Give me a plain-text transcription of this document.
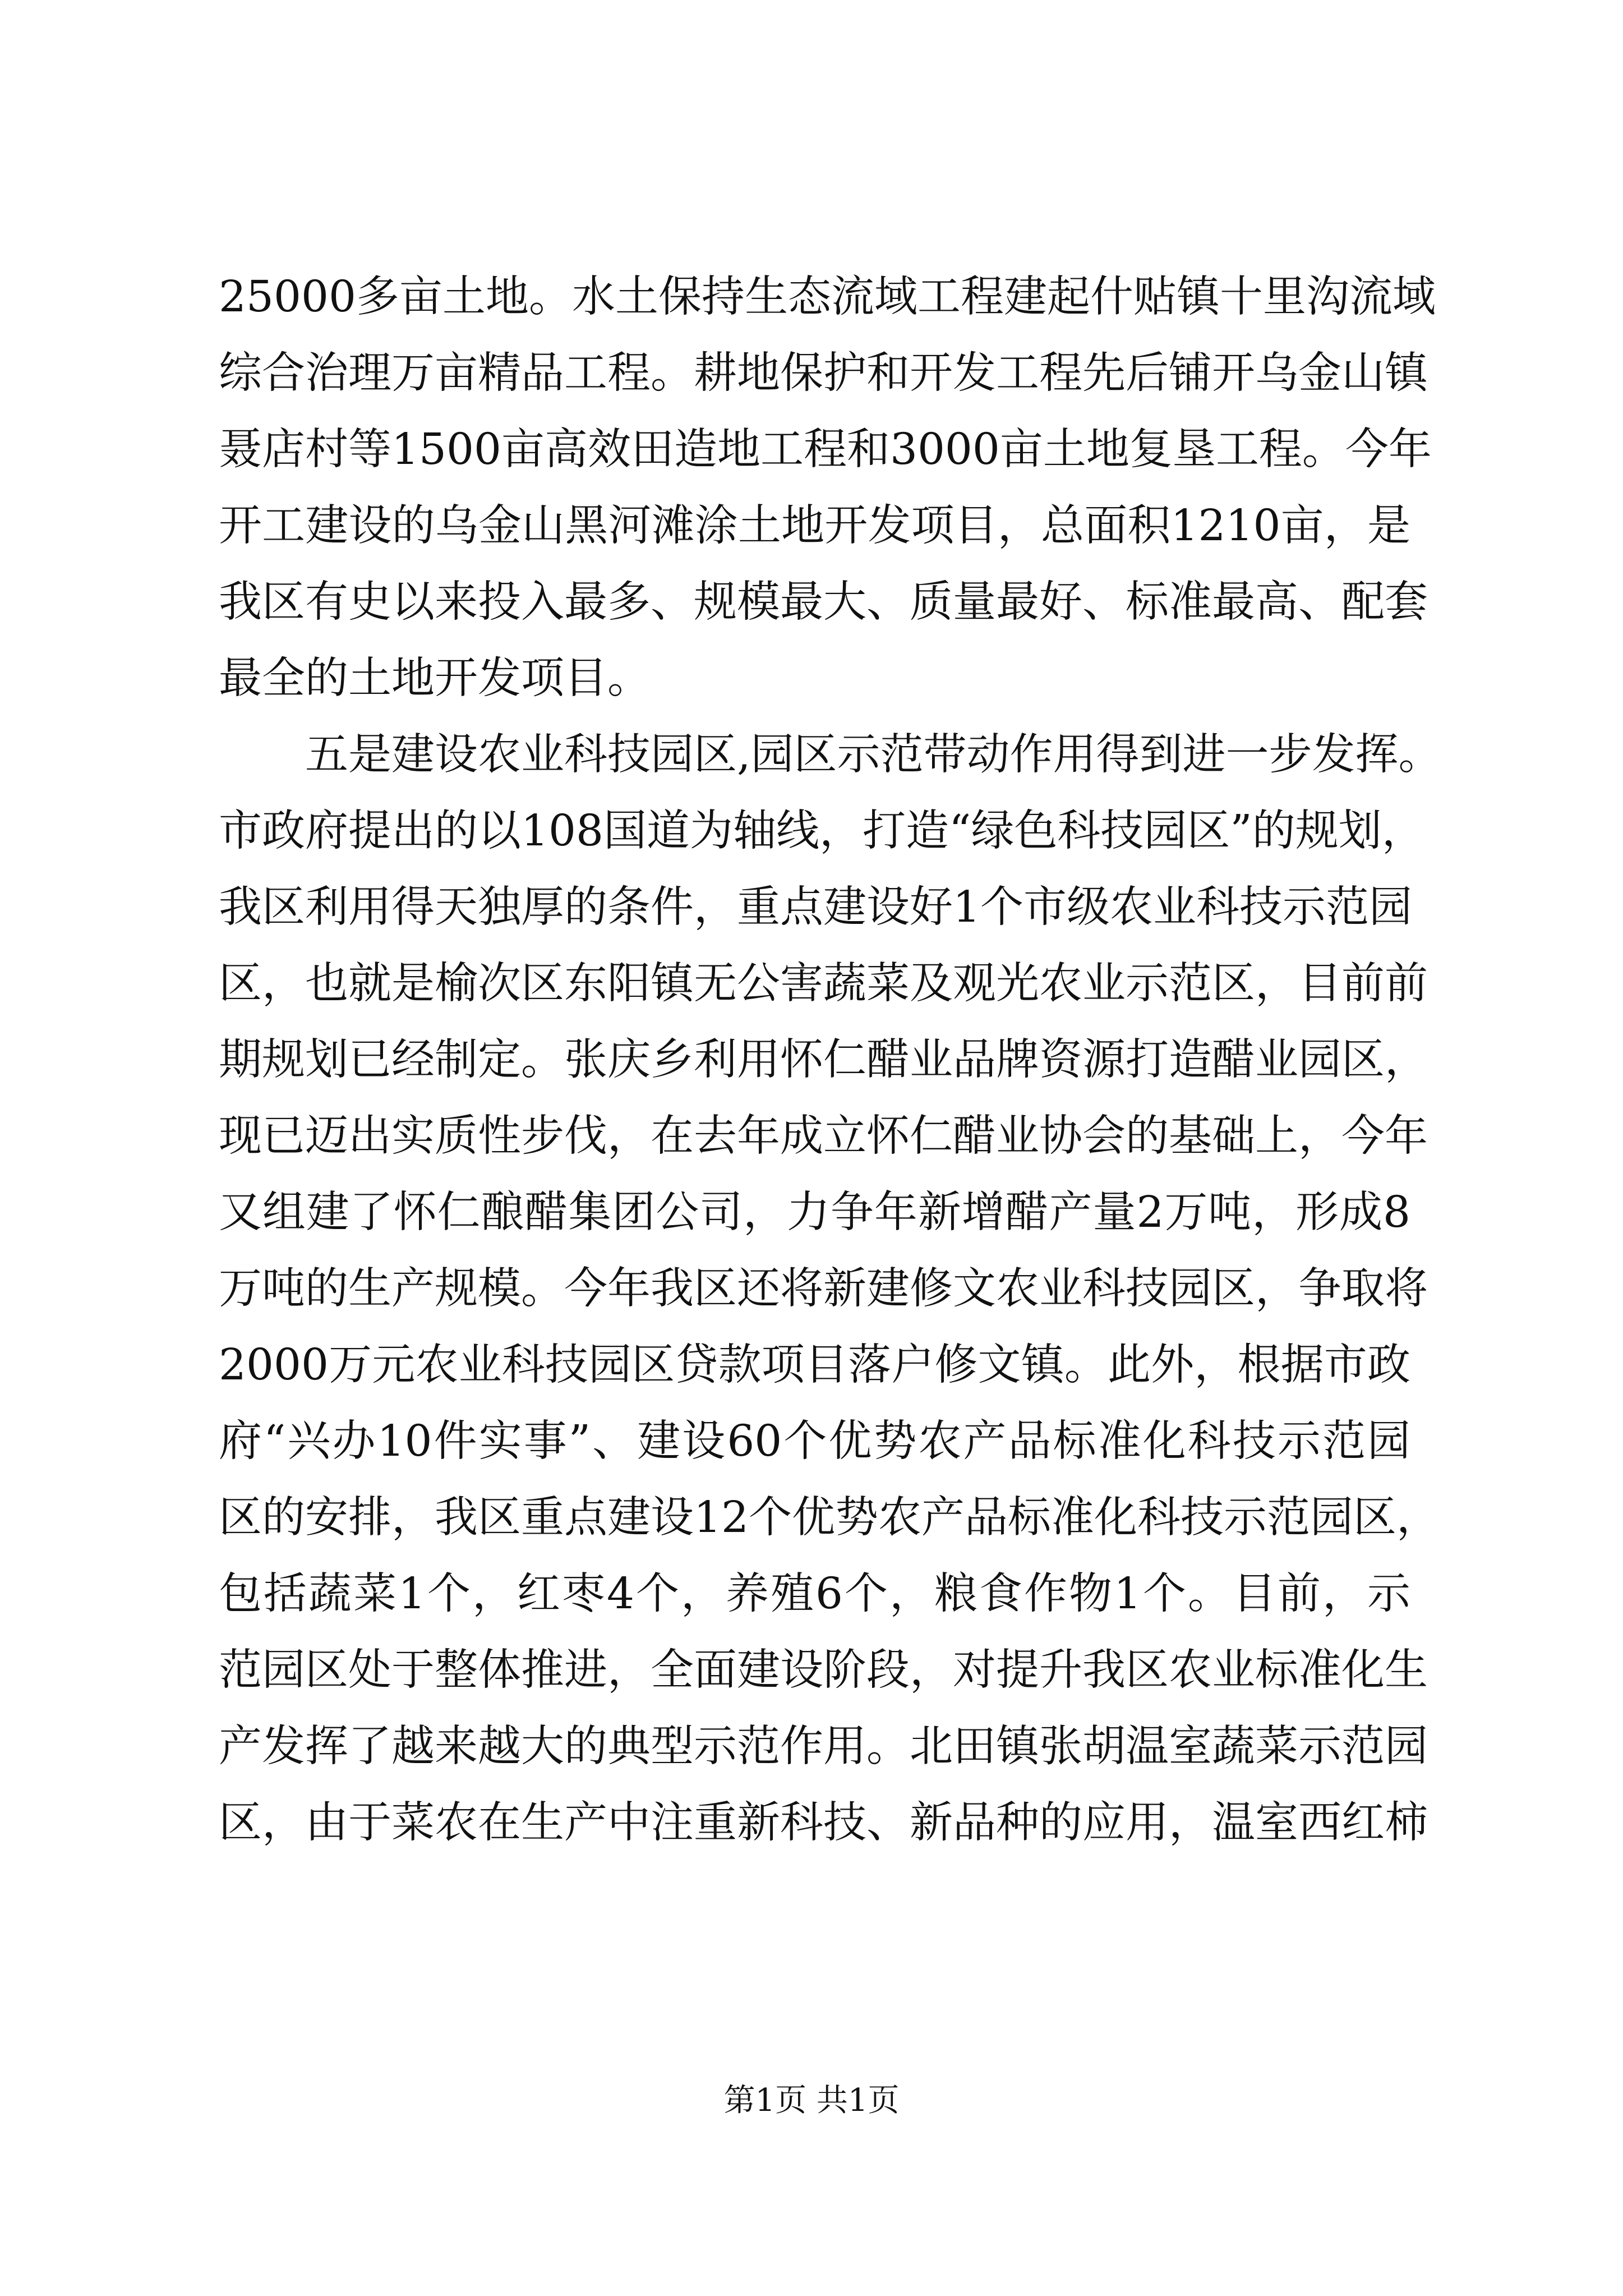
25000多亩土地。水土保持生态流域工程建起什贴镇十里沟流域
综合治理万亩精品工程。耕地保护和开发工程先后铺开乌金山镇
聂店村等1500亩高效田造地工程和3000亩土地复垦工程。今年
开工建设的乌金山黑河滩涂土地开发项目，总面积1210亩，是
我区有史以来投入最多、规模最大、质量最好、标准最高、配套
最全的土地开发项目。
五是建设农业科技园区,园区示范带动作用得到进一步发挥。
市政府提出的以108国道为轴线，打造“绿色科技园区”的规划，
我区利用得天独厚的条件，重点建设好1个市级农业科技示范园
区，也就是榆次区东阳镇无公害蔬菜及观光农业示范区，目前前
期规划已经制定。张庆乡利用怀仁醋业品牌资源打造醋业园区，
现已迈出实质性步伐，在去年成立怀仁醋业协会的基础上，今年
又组建了怀仁酿醋集团公司，力争年新增醋产量2万吨，形成8
万吨的生产规模。今年我区还将新建修文农业科技园区，争取将
2000万元农业科技园区贷款项目落户修文镇。此外，根据市政
府“兴办10件实事”、建设60个优势农产品标准化科技示范园
区的安排，我区重点建设12个优势农产品标准化科技示范园区，
包括蔬菜1个，红枣4个，养殖6个，粮食作物1个。目前，示
范园区处于整体推进，全面建设阶段，对提升我区农业标准化生
产发挥了越来越大的典型示范作用。北田镇张胡温室蔬菜示范园
区，由于菜农在生产中注重新科技、新品种的应用，温室西红柿
第1页 共1页
